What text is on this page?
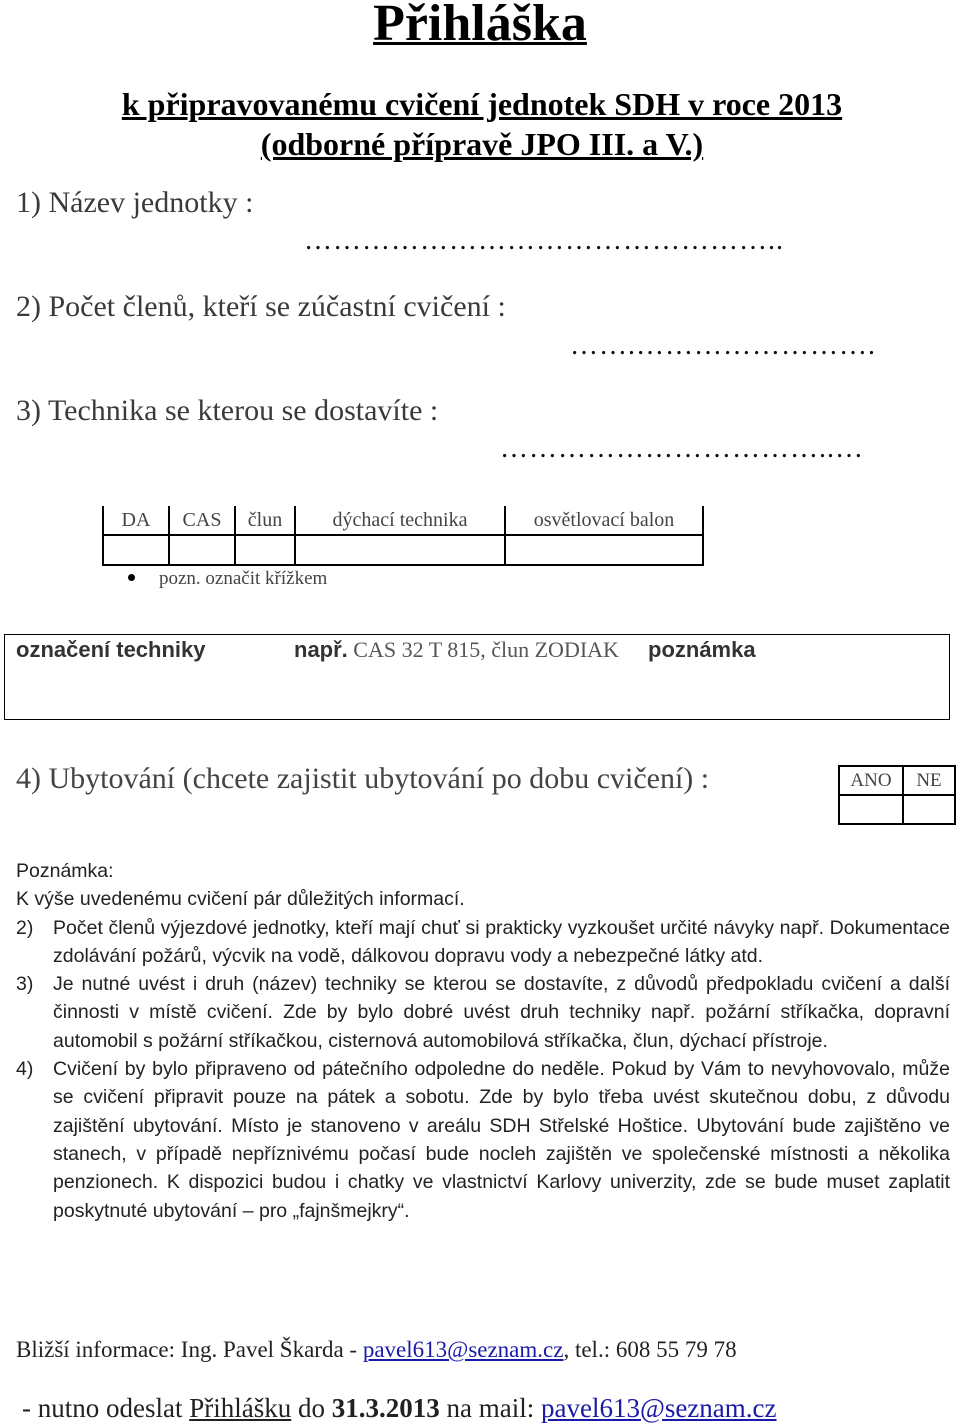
Přihláška
k připravovanému cvičení jednotek SDH v roce 2013
(odborné přípravě JPO III. a V.)
1) Název jednotky :
…………………………………………..
2) Počet členů, kteří se zúčastní cvičení :
…….…………………….
3) Technika se kterou se dostavíte :
……………………………..…
DA	CAS	člun	dýchací technika	osvětlovací balon

pozn. označit křížkem
označení techniky	např. CAS 32 T 815, člun ZODIAK poznámka
4) Ubytování (chcete zajistit ubytování po dobu cvičení) :	ANO	NE

Poznámka:

K výše uvedenému cvičení pár důležitých informací.

2)	Počet členů výjezdové jednotky, kteří mají chuť si prakticky vyzkoušet určité návyky např. Dokumentace zdolávání požárů, výcvik na vodě, dálkovou dopravu vody a nebezpečné látky atd.
3)	Je nutné uvést i druh (název) techniky se kterou se dostavíte, z důvodů předpokladu cvičení a další činnosti v místě cvičení. Zde by bylo dobré uvést druh techniky např. požární stříkačka, dopravní automobil s požární stříkačkou, cisternová automobilová stříkačka, člun, dýchací přístroje.
4)	Cvičení by bylo připraveno od pátečního odpoledne do neděle. Pokud by Vám to nevyhovovalo, může se cvičení připravit pouze na pátek a sobotu. Zde by bylo třeba uvést skutečnou dobu, z důvodu zajištění ubytování. Místo je stanoveno v areálu SDH Střelské Hoštice. Ubytování bude zajištěno ve stanech, v případě nepříznivému počasí bude nocleh zajištěn ve společenské místnosti a několika penzionech. K dispozici budou i chatky ve vlastnictví Karlovy univerzity, zde se bude muset zaplatit poskytnuté ubytování – pro „fajnšmejkry“.
Bližší informace: Ing. Pavel Škarda - pavel613@seznam.cz, tel.: 608 55 79 78
- nutno odeslat Přihlášku do 31.3.2013 na mail: pavel613@seznam.cz
